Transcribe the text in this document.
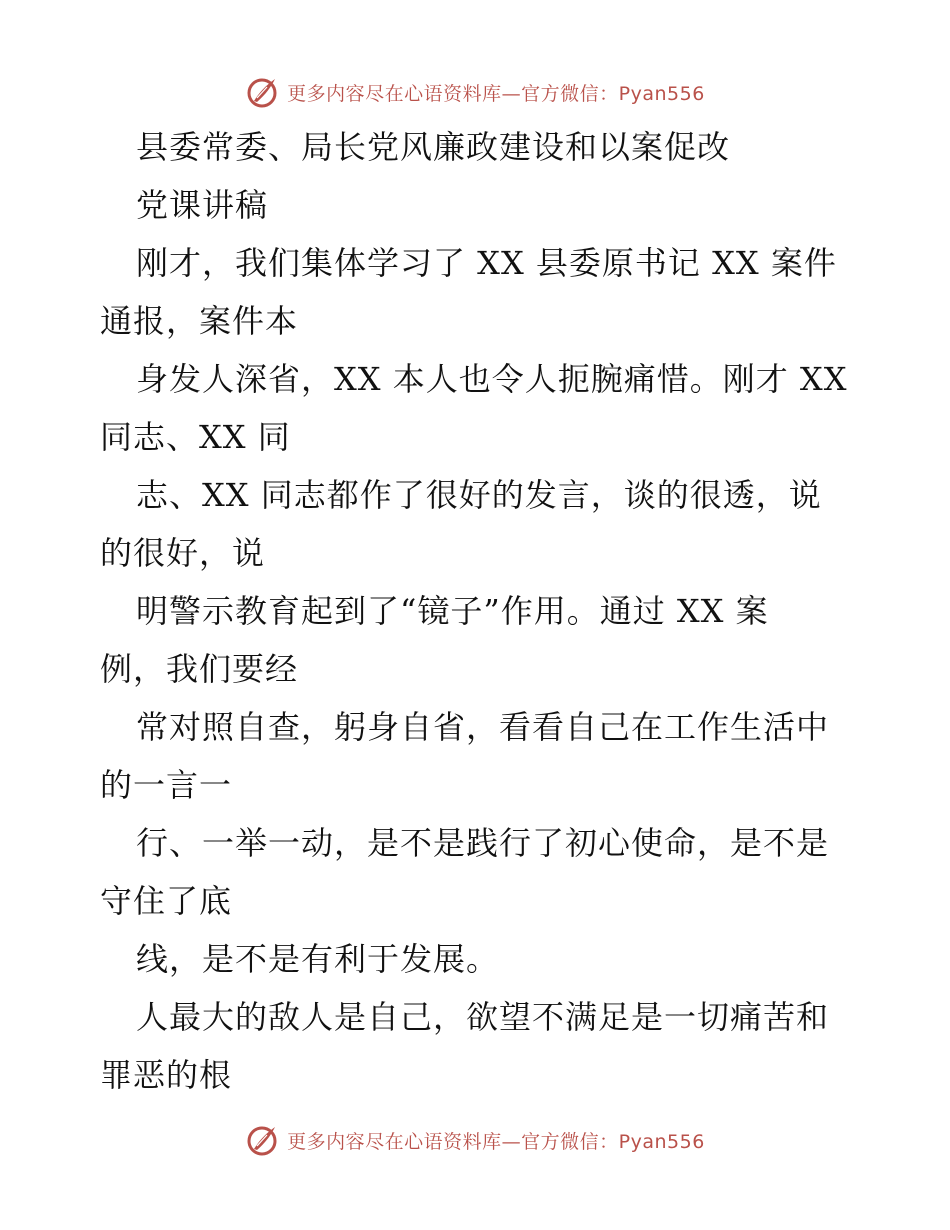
更多内容尽在心语资料库—官方微信：Pyan556
县委常委、局长党风廉政建设和以案促改
党课讲稿
刚才，我们集体学习了 XX 县委原书记 XX 案件
通报，案件本
身发人深省，XX 本人也令人扼腕痛惜。刚才 XX
同志、XX 同
志、XX 同志都作了很好的发言，谈的很透，说
的很好，说
明警示教育起到了“镜子”作用。通过 XX 案
例，我们要经
常对照自查，躬身自省，看看自己在工作生活中
的一言一
行、一举一动，是不是践行了初心使命，是不是
守住了底
线，是不是有利于发展。
人最大的敌人是自己，欲望不满足是一切痛苦和
罪恶的根
更多内容尽在心语资料库—官方微信：Pyan556
